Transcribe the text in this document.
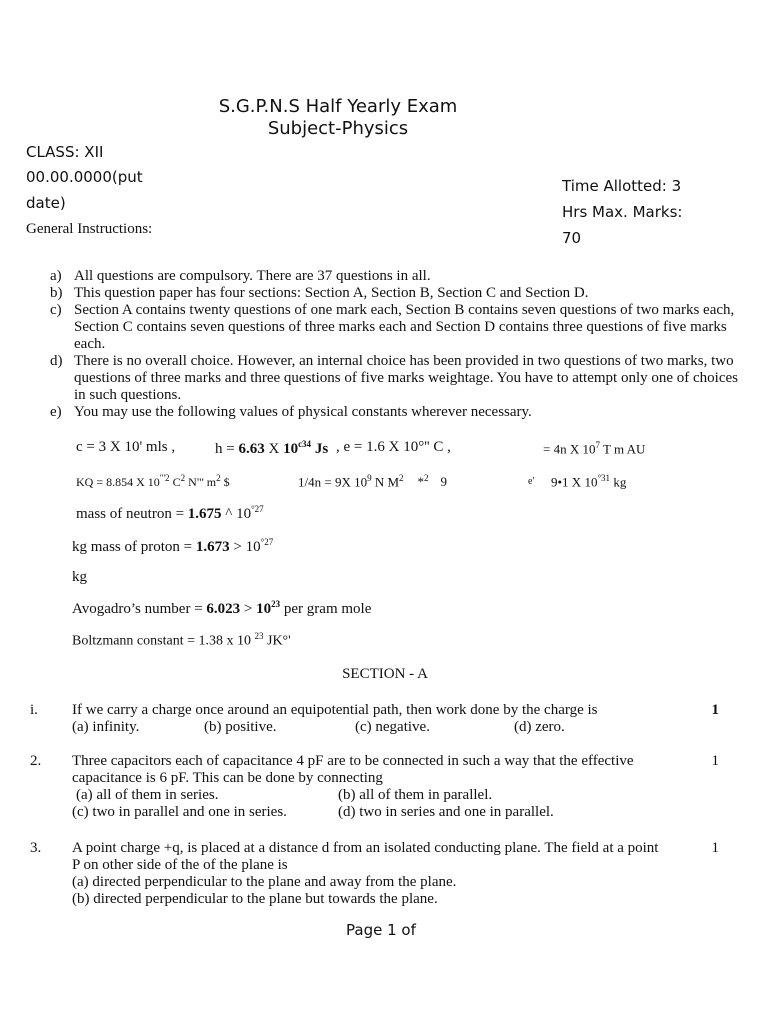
S.G.P.N.S Half Yearly Exam
Subject-Physics
CLASS: XII
00.00.0000(put
date)
General Instructions:
Time Allotted: 3
Hrs Max. Marks:
70
a) All questions are compulsory. There are 37 questions in all.
b) This question paper has four sections: Section A, Section B, Section C and Section D.
c) Section A contains twenty questions of one mark each, Section B contains seven questions of two marks each, Section C contains seven questions of three marks each and Section D contains three questions of five marks each.
d) There is no overall choice. However, an internal choice has been provided in two questions of two marks, two questions of three marks and three questions of five marks weightage. You have to attempt only one of choices in such questions.
e) You may use the following values of physical constants wherever necessary.
c = 3 X 10' mls ,	h = 6.63 X $10^{c34}$ Js , e = 1.6 X 10°'' C ,	= 4n X $10^7$ T m AU
KQ = 8.854 X $10^{"'2}$ $C^2$ N"' $m^2$ $	1/4n = 9X $10^9$ N $M^2$ *$^2$ 9	e' 9•1 X $10^{^\circ 31}$ kg
mass of neutron = 1.675 ^ $10^{^\circ 27}$
kg mass of proton = $1.673 > 10^{^\circ 27}$
kg
Avogadro’s number = $6.023 > 10^{23}$ per gram mole
Boltzmann constant = 1.38 x 10 $^{23}$ JK°'
SECTION - A
i.	1
If we carry a charge once around an equipotential path, then work done by the charge is
(a) infinity.	(b) positive.	(c) negative.	(d) zero.
2.	1
Three capacitors each of capacitance 4 pF are to be connected in such a way that the effective
capacitance is 6 pF. This can be done by connecting
(a) all of them in series.	(b) all of them in parallel.
(c) two in parallel and one in series.	(d) two in series and one in parallel.
3.	1
A point charge +q, is placed at a distance d from an isolated conducting plane. The field at a point
P on other side of the of the plane is
(a) directed perpendicular to the plane and away from the plane.
(b) directed perpendicular to the plane but towards the plane.
Page 1 of
